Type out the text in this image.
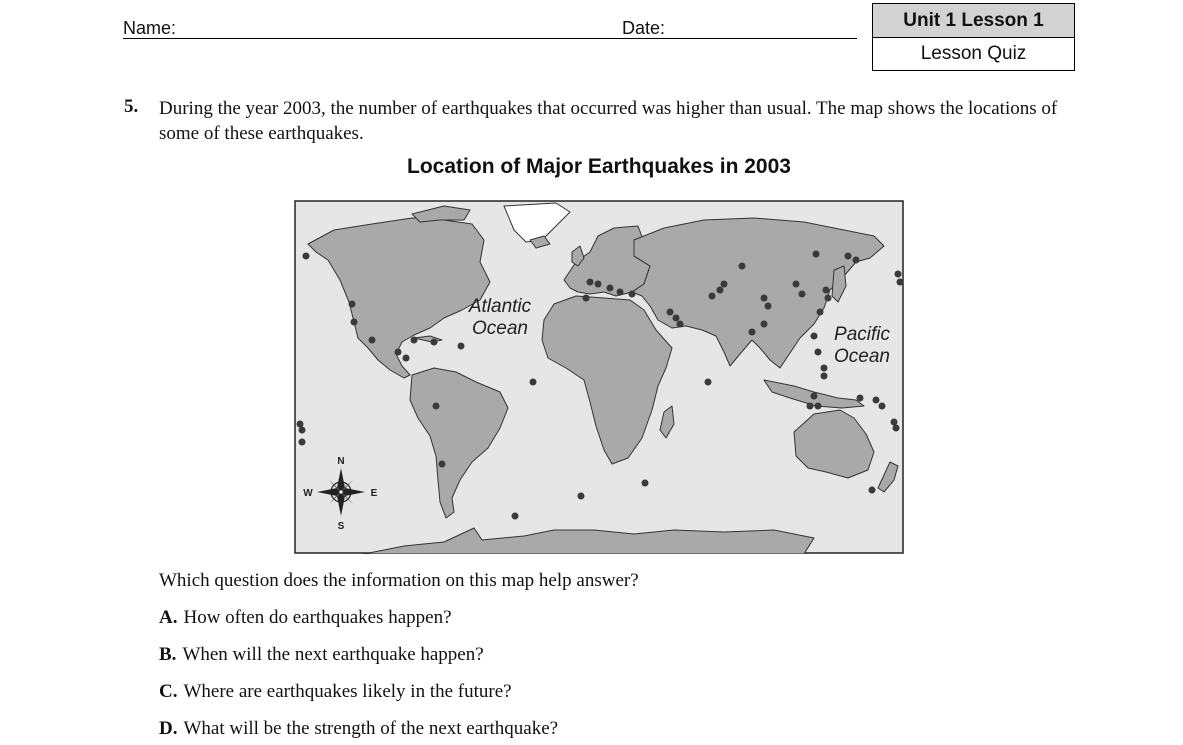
Name:	Date:	Unit 1 Lesson 1
Lesson Quiz
5. During the year 2003, the number of earthquakes that occurred was higher than usual. The map shows the locations of some of these earthquakes.
Location of Major Earthquakes in 2003
Atlantic
Ocean	Pacific
Ocean
N
S
W	E
Which question does the information on this map help answer?
A. How often do earthquakes happen?
B. When will the next earthquake happen?
C. Where are earthquakes likely in the future?
D. What will be the strength of the next earthquake?
